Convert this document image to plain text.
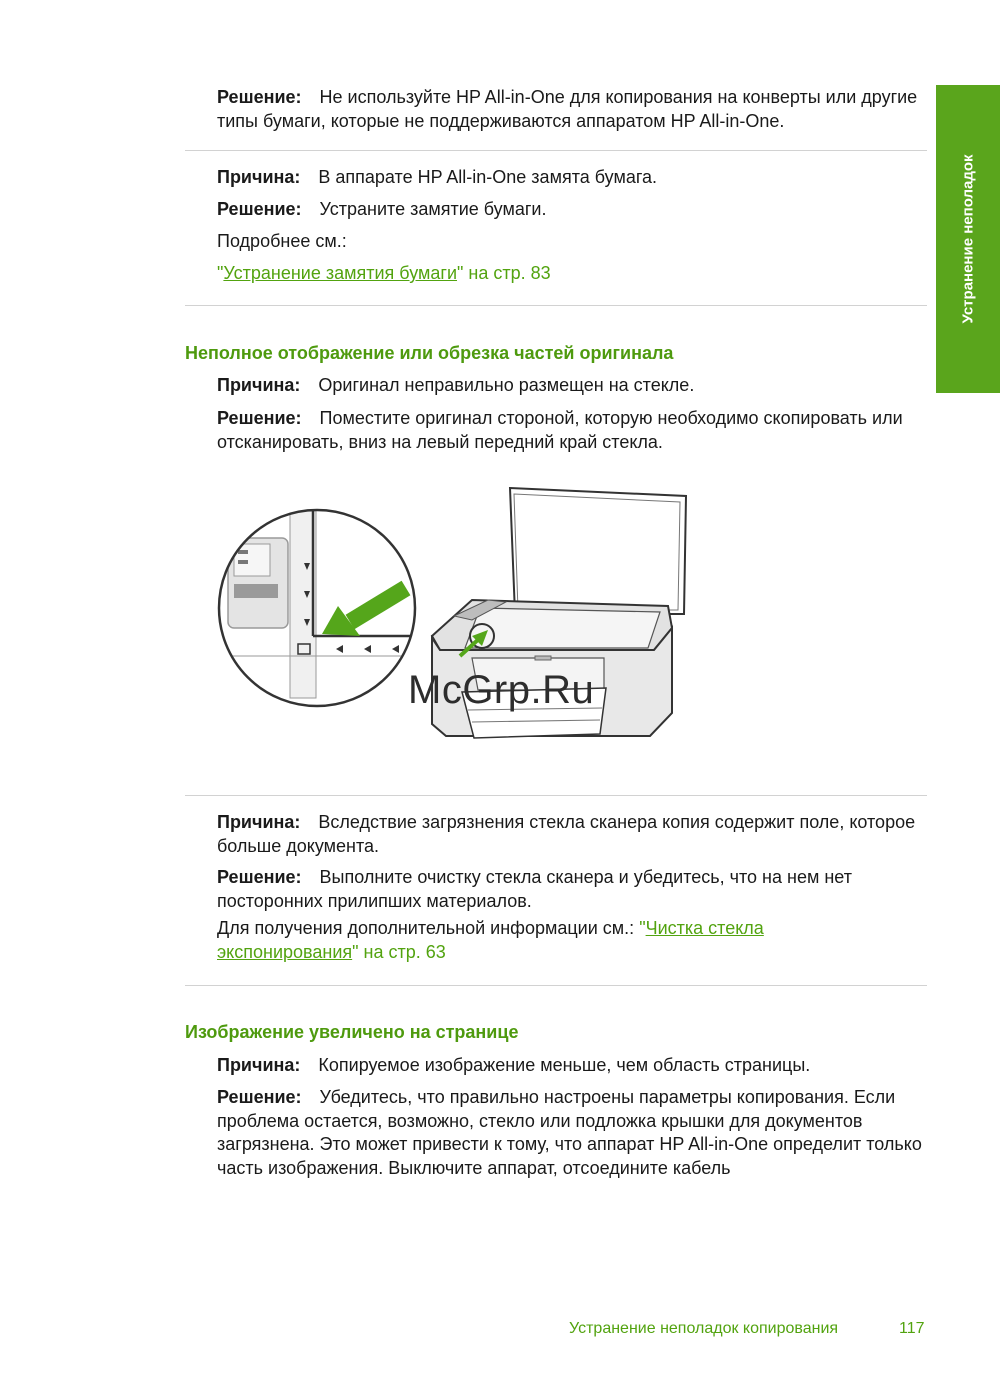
Устранение неполадок

Решение: Не используйте HP All-in-One для копирования на конверты или другие типы бумаги, которые не поддерживаются аппаратом HP All-in-One.

Причина: В аппарате HP All-in-One замята бумага.

Решение: Устраните замятие бумаги.

Подробнее см.:

"Устранение замятия бумаги" на стр. 83

Неполное отображение или обрезка частей оригинала

Причина: Оригинал неправильно размещен на стекле.

Решение: Поместите оригинал стороной, которую необходимо скопировать или отсканировать, вниз на левый передний край стекла.

McGrp.Ru

Причина: Вследствие загрязнения стекла сканера копия содержит поле, которое больше документа.

Решение: Выполните очистку стекла сканера и убедитесь, что на нем нет посторонних прилипших материалов.

Для получения дополнительной информации см.: "Чистка стекла экспонирования" на стр. 63

Изображение увеличено на странице

Причина: Копируемое изображение меньше, чем область страницы.

Решение: Убедитесь, что правильно настроены параметры копирования. Если проблема остается, возможно, стекло или подложка крышки для документов загрязнена. Это может привести к тому, что аппарат HP All-in-One определит только часть изображения. Выключите аппарат, отсоедините кабель

Устранение неполадок копирования	117
